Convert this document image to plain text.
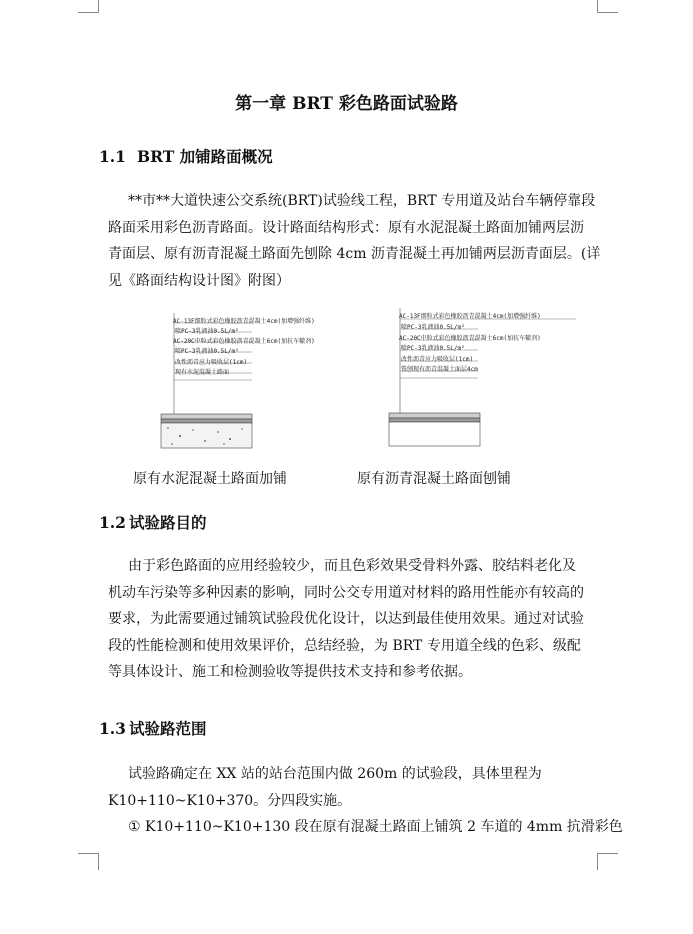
第一章 BRT 彩色路面试验路
1.1 BRT 加铺路面概况
**市**大道快速公交系统(BRT)试验线工程，BRT 专用道及站台车辆停靠段
路面采用彩色沥青路面。设计路面结构形式：原有水泥混凝土路面加铺两层沥
青面层、原有沥青混凝土路面先刨除 4cm 沥青混凝土再加铺两层沥青面层。(详
见《路面结构设计图》附图）
AC-13F细粒式彩色橡胶沥青混凝土4cm(加增强纤维)
喷PC-3乳液油0.5L/m²
AC-20C中粒式彩色橡胶沥青混凝土6cm(加抗车辙剂)
喷PC-3乳液油0.5L/m²
改性沥青应力吸收层(1cm)
现有水泥混凝土路面
AC-13F细粒式彩色橡胶沥青混凝土4cm(加增强纤维)
喷PC-3乳液油0.5L/m²
AC-20C中粒式彩色橡胶沥青混凝土6cm(加抗车辙剂)
喷PC-3乳液油0.5L/m²
改性沥青应力吸收层(1cm)
铣刨现有沥青混凝土面层4cm
原有水泥混凝土路面加铺	原有沥青混凝土路面刨铺
1.2 试验路目的
由于彩色路面的应用经验较少，而且色彩效果受骨料外露、胶结料老化及
机动车污染等多种因素的影响，同时公交专用道对材料的路用性能亦有较高的
要求，为此需要通过铺筑试验段优化设计，以达到最佳使用效果。通过对试验
段的性能检测和使用效果评价，总结经验，为 BRT 专用道全线的色彩、级配
等具体设计、施工和检测验收等提供技术支持和参考依据。
1.3 试验路范围
试验路确定在 XX 站的站台范围内做 260m 的试验段，具体里程为
K10+110~K10+370。分四段实施。
① K10+110~K10+130 段在原有混凝土路面上铺筑 2 车道的 4mm 抗滑彩色
